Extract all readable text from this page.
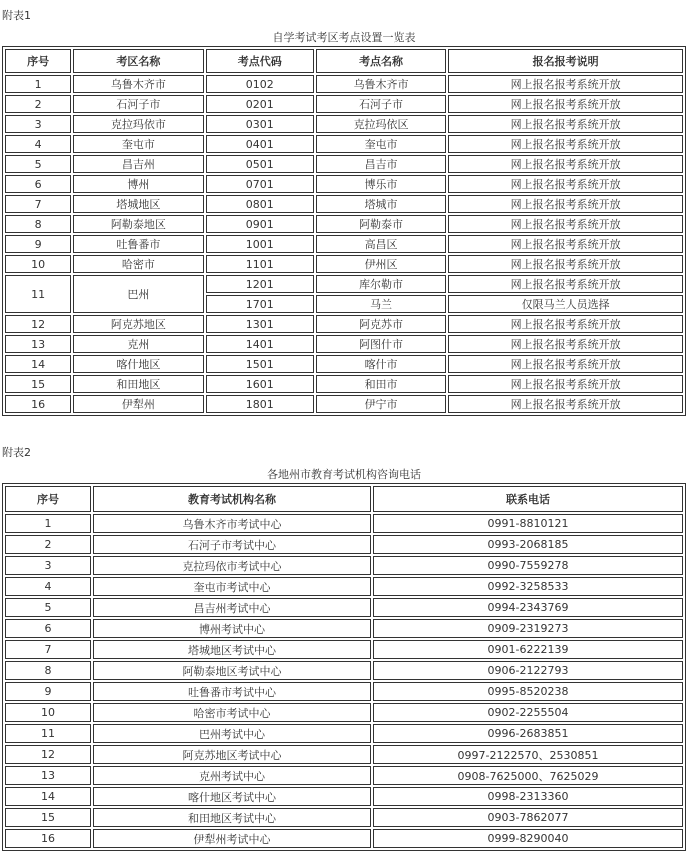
附表1
自学考试考区考点设置一览表
序号	考区名称	考点代码	考点名称	报名报考说明
1	乌鲁木齐市	0102	乌鲁木齐市	网上报名报考系统开放
2	石河子市	0201	石河子市	网上报名报考系统开放
3	克拉玛依市	0301	克拉玛依区	网上报名报考系统开放
4	奎屯市	0401	奎屯市	网上报名报考系统开放
5	昌吉州	0501	昌吉市	网上报名报考系统开放
6	博州	0701	博乐市	网上报名报考系统开放
7	塔城地区	0801	塔城市	网上报名报考系统开放
8	阿勒泰地区	0901	阿勒泰市	网上报名报考系统开放
9	吐鲁番市	1001	高昌区	网上报名报考系统开放
10	哈密市	1101	伊州区	网上报名报考系统开放
11	巴州	1201	库尔勒市	网上报名报考系统开放
		1701	马兰	仅限马兰人员选择
12	阿克苏地区	1301	阿克苏市	网上报名报考系统开放
13	克州	1401	阿图什市	网上报名报考系统开放
14	喀什地区	1501	喀什市	网上报名报考系统开放
15	和田地区	1601	和田市	网上报名报考系统开放
16	伊犁州	1801	伊宁市	网上报名报考系统开放
附表2
各地州市教育考试机构咨询电话
序号	教育考试机构名称	联系电话
1	乌鲁木齐市考试中心	0991-8810121
2	石河子市考试中心	0993-2068185
3	克拉玛依市考试中心	0990-7559278
4	奎屯市考试中心	0992-3258533
5	昌吉州考试中心	0994-2343769
6	博州考试中心	0909-2319273
7	塔城地区考试中心	0901-6222139
8	阿勒泰地区考试中心	0906-2122793
9	吐鲁番市考试中心	0995-8520238
10	哈密市考试中心	0902-2255504
11	巴州考试中心	0996-2683851
12	阿克苏地区考试中心	0997-2122570、2530851
13	克州考试中心	0908-7625000、7625029
14	喀什地区考试中心	0998-2313360
15	和田地区考试中心	0903-7862077
16	伊犁州考试中心	0999-8290040
